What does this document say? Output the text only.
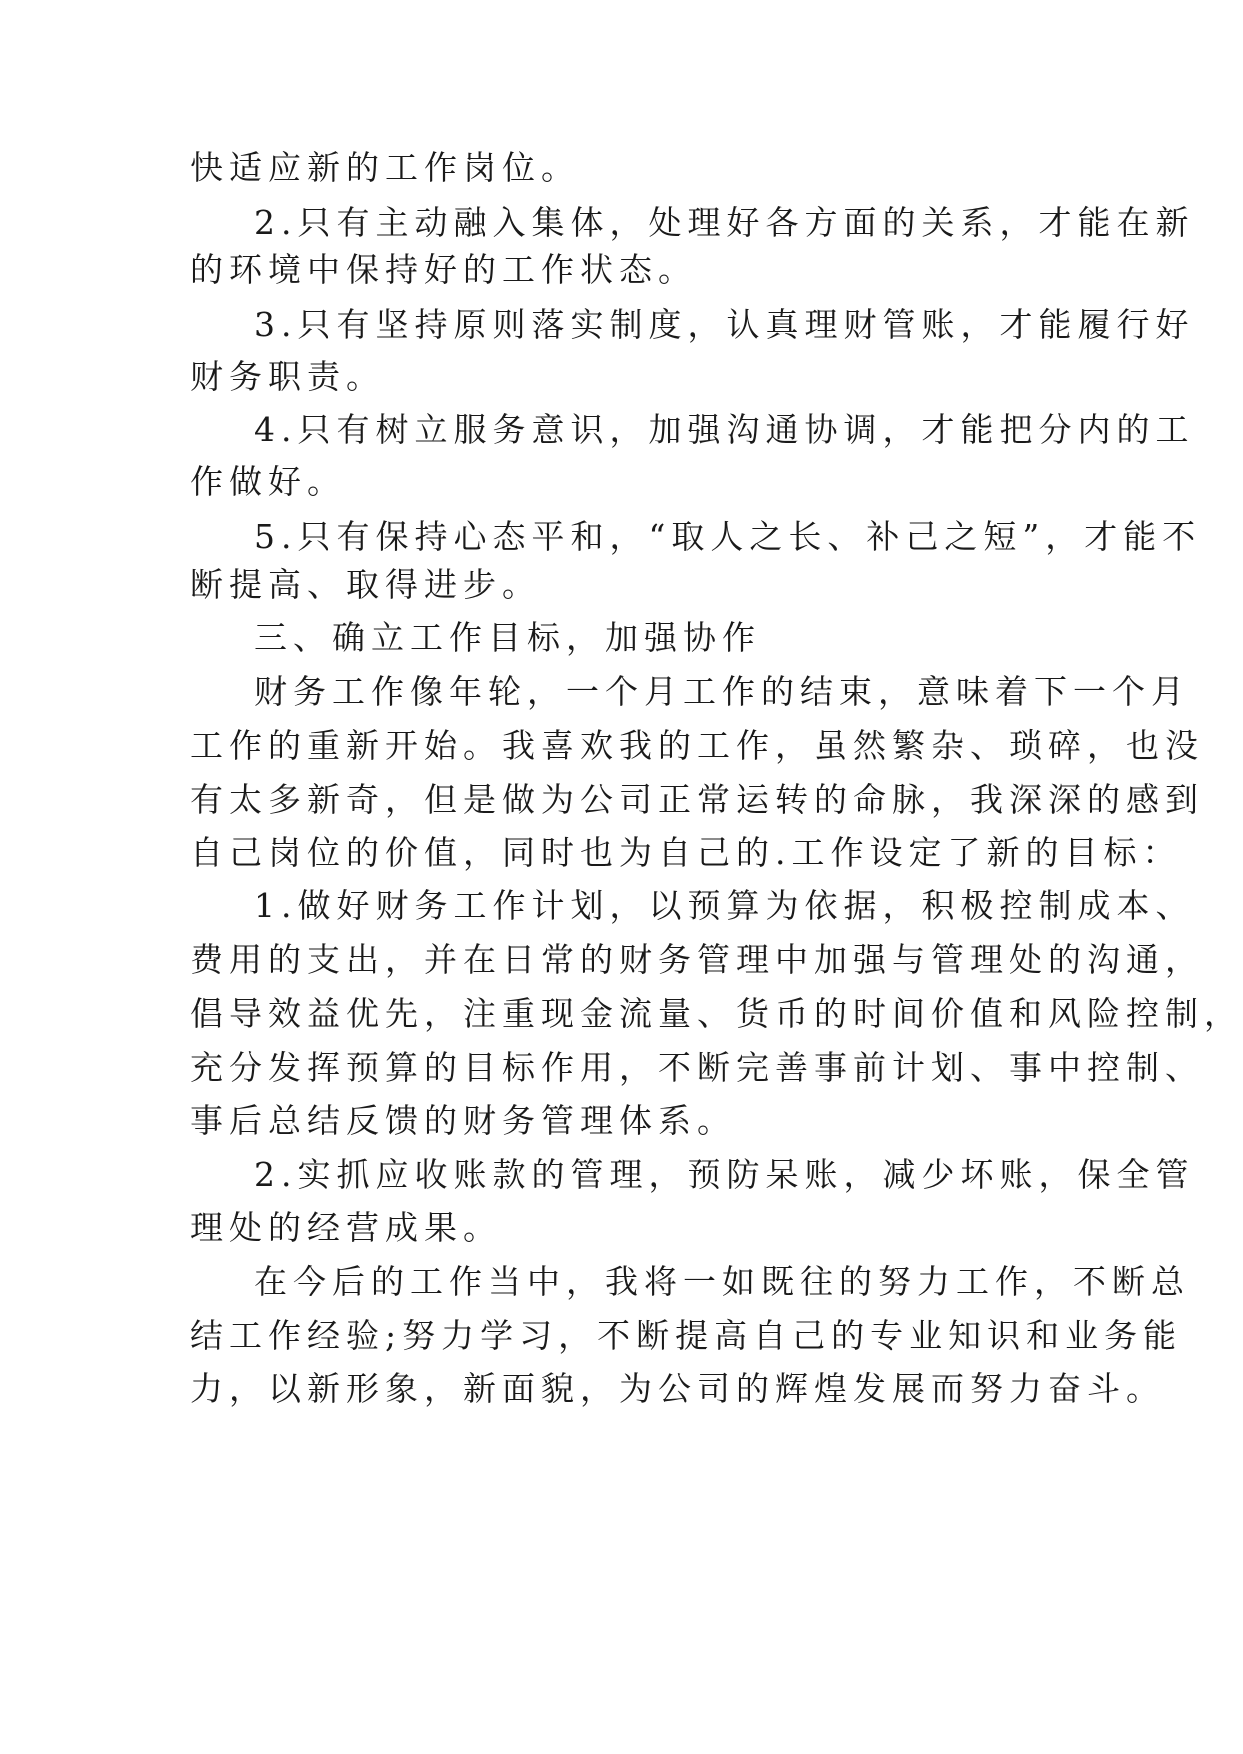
快适应新的工作岗位。
2.只有主动融入集体，处理好各方面的关系，才能在新
的环境中保持好的工作状态。
3.只有坚持原则落实制度，认真理财管账，才能履行好
财务职责。
4.只有树立服务意识，加强沟通协调，才能把分内的工
作做好。
5.只有保持心态平和，“取人之长、补己之短”，才能不
断提高、取得进步。
三、确立工作目标，加强协作
财务工作像年轮，一个月工作的结束，意味着下一个月
工作的重新开始。我喜欢我的工作，虽然繁杂、琐碎，也没
有太多新奇，但是做为公司正常运转的命脉，我深深的感到
自己岗位的价值，同时也为自己的.工作设定了新的目标：
1.做好财务工作计划，以预算为依据，积极控制成本、
费用的支出，并在日常的财务管理中加强与管理处的沟通，
倡导效益优先，注重现金流量、货币的时间价值和风险控制，
充分发挥预算的目标作用，不断完善事前计划、事中控制、
事后总结反馈的财务管理体系。
2.实抓应收账款的管理，预防呆账，减少坏账，保全管
理处的经营成果。
在今后的工作当中，我将一如既往的努力工作，不断总
结工作经验;努力学习，不断提高自己的专业知识和业务能
力，以新形象，新面貌，为公司的辉煌发展而努力奋斗。
